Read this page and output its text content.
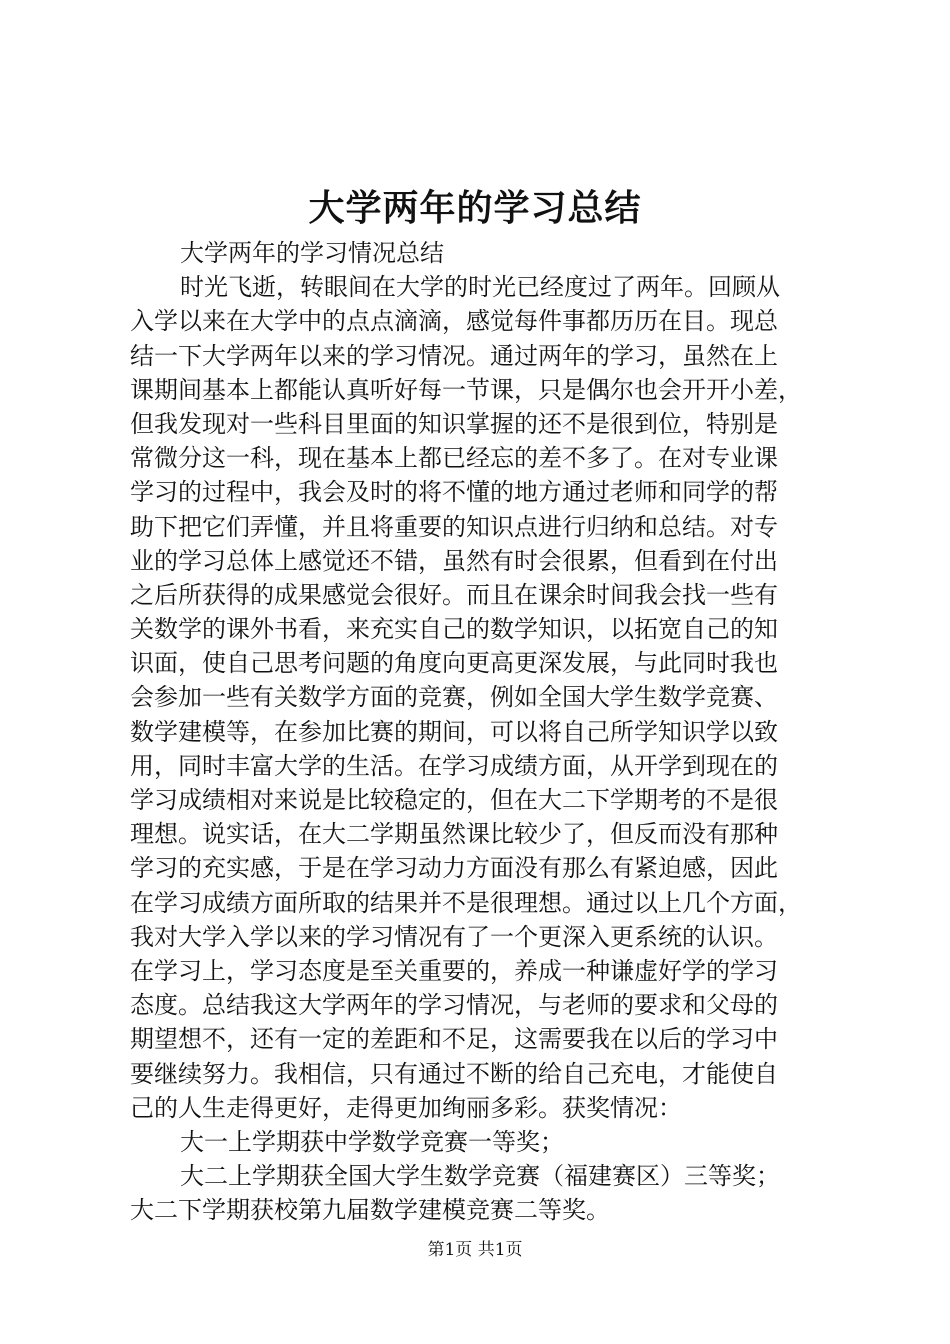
大学两年的学习总结
大学两年的学习情况总结
时光飞逝，转眼间在大学的时光已经度过了两年。回顾从
入学以来在大学中的点点滴滴，感觉每件事都历历在目。现总
结一下大学两年以来的学习情况。通过两年的学习，虽然在上
课期间基本上都能认真听好每一节课，只是偶尔也会开开小差，
但我发现对一些科目里面的知识掌握的还不是很到位，特别是
常微分这一科，现在基本上都已经忘的差不多了。在对专业课
学习的过程中，我会及时的将不懂的地方通过老师和同学的帮
助下把它们弄懂，并且将重要的知识点进行归纳和总结。对专
业的学习总体上感觉还不错，虽然有时会很累，但看到在付出
之后所获得的成果感觉会很好。而且在课余时间我会找一些有
关数学的课外书看，来充实自己的数学知识，以拓宽自己的知
识面，使自己思考问题的角度向更高更深发展，与此同时我也
会参加一些有关数学方面的竞赛，例如全国大学生数学竞赛、
数学建模等，在参加比赛的期间，可以将自己所学知识学以致
用，同时丰富大学的生活。在学习成绩方面，从开学到现在的
学习成绩相对来说是比较稳定的，但在大二下学期考的不是很
理想。说实话，在大二学期虽然课比较少了，但反而没有那种
学习的充实感，于是在学习动力方面没有那么有紧迫感，因此
在学习成绩方面所取的结果并不是很理想。通过以上几个方面，
我对大学入学以来的学习情况有了一个更深入更系统的认识。
在学习上，学习态度是至关重要的，养成一种谦虚好学的学习
态度。总结我这大学两年的学习情况，与老师的要求和父母的
期望想不，还有一定的差距和不足，这需要我在以后的学习中
要继续努力。我相信，只有通过不断的给自己充电，才能使自
己的人生走得更好，走得更加绚丽多彩。获奖情况：
大一上学期获中学数学竞赛一等奖；
大二上学期获全国大学生数学竞赛（福建赛区）三等奖；
大二下学期获校第九届数学建模竞赛二等奖。
第1页 共1页
